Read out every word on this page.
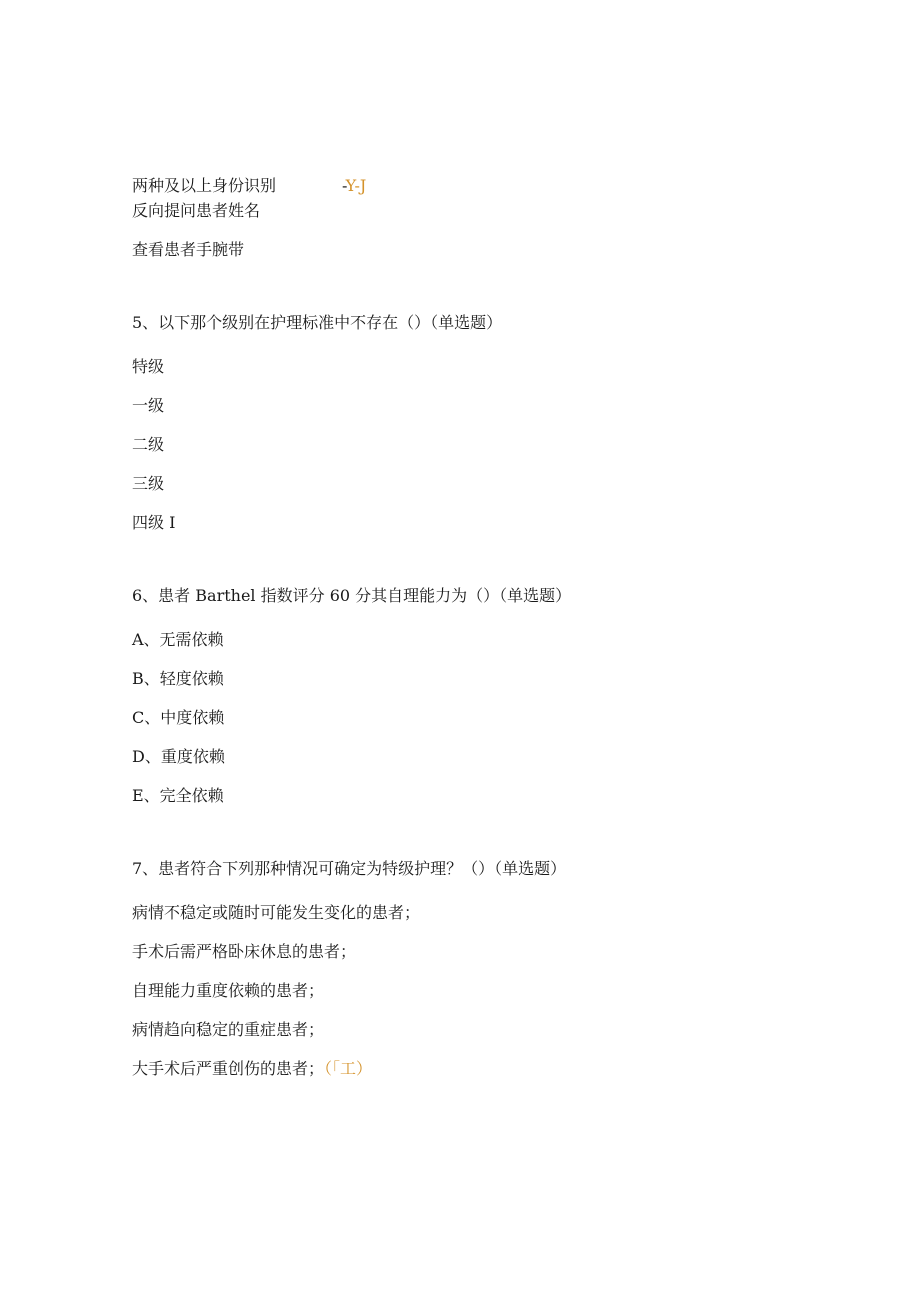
两种及以上身份识别	-Y-J
反向提问患者姓名
查看患者手腕带
5、以下那个级别在护理标准中不存在（）（单选题）
特级
一级
二级
三级
四级 I
6、患者 Barthel 指数评分 60 分其自理能力为（）（单选题）
A、无需依赖
B、轻度依赖
C、中度依赖
D、重度依赖
E、完全依赖
7、患者符合下列那种情况可确定为特级护理？（）（单选题）
病情不稳定或随时可能发生变化的患者；
手术后需严格卧床休息的患者；
自理能力重度依赖的患者；
病情趋向稳定的重症患者；
大手术后严重创伤的患者；（「工）
